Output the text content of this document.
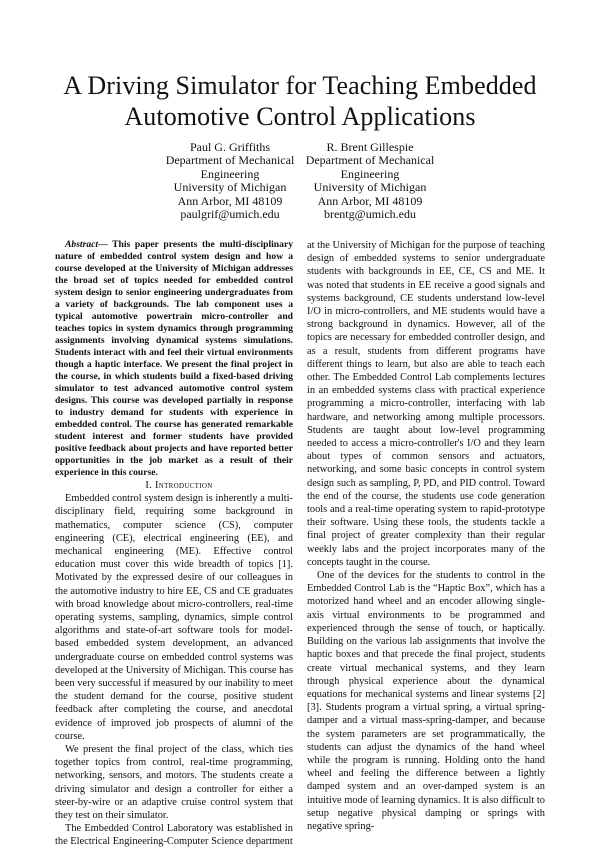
A Driving Simulator for Teaching Embedded
Automotive Control Applications
Paul G. Griffiths
Department of Mechanical
Engineering
University of Michigan
Ann Arbor, MI 48109
paulgrif@umich.edu
R. Brent Gillespie
Department of Mechanical
Engineering
University of Michigan
Ann Arbor, MI 48109
brentg@umich.edu

Abstract— This paper presents the multi-disciplinary nature of embedded control system design and how a course developed at the University of Michigan addresses the broad set of topics needed for embedded control system design to senior engineering undergraduates from a variety of backgrounds. The lab component uses a typical automotive powertrain micro-controller and teaches topics in system dynamics through programming assignments involving dynamical systems simulations. Students interact with and feel their virtual environments though a haptic interface. We present the final project in the course, in which students build a fixed-based driving simulator to test advanced automotive control system designs. This course was developed partially in response to industry demand for students with experience in embedded control. The course has generated remarkable student interest and former students have provided positive feedback about projects and have reported better opportunities in the job market as a result of their experience in this course.

I. Introduction

Embedded control system design is inherently a multi-disciplinary field, requiring some background in mathematics, computer science (CS), computer engineering (CE), electrical engineering (EE), and mechanical engineering (ME). Effective control education must cover this wide breadth of topics [1]. Motivated by the expressed desire of our colleagues in the automotive industry to hire EE, CS and CE graduates with broad knowledge about micro-controllers, real-time operating systems, sampling, dynamics, simple control algorithms and state-of-art software tools for model-based embedded system development, an advanced undergraduate course on embedded control systems was developed at the University of Michigan. This course has been very successful if measured by our inability to meet the student demand for the course, positive student feedback after completing the course, and anecdotal evidence of improved job prospects of alumni of the course.

We present the final project of the class, which ties together topics from control, real-time programming, networking, sensors, and motors. The students create a driving simulator and design a controller for either a steer-by-wire or an adaptive cruise control system that they test on their simulator.

The Embedded Control Laboratory was established in the Electrical Engineering-Computer Science department

at the University of Michigan for the purpose of teaching design of embedded systems to senior undergraduate students with backgrounds in EE, CE, CS and ME. It was noted that students in EE receive a good signals and systems background, CE students understand low-level I/O in micro-controllers, and ME students would have a strong background in dynamics. However, all of the topics are necessary for embedded controller design, and as a result, students from different programs have different things to learn, but also are able to teach each other. The Embedded Control Lab complements lectures in an embedded systems class with practical experience programming a micro-controller, interfacing with lab hardware, and networking among multiple processors. Students are taught about low-level programming needed to access a micro-controller's I/O and they learn about types of common sensors and actuators, networking, and some basic concepts in control system design such as sampling, P, PD, and PID control. Toward the end of the course, the students use code generation tools and a real-time operating system to rapid-prototype their software. Using these tools, the students tackle a final project of greater complexity than their regular weekly labs and the project incorporates many of the concepts taught in the course.

One of the devices for the students to control in the Embedded Control Lab is the “Haptic Box”, which has a motorized hand wheel and an encoder allowing single-axis virtual environments to be programmed and experienced through the sense of touch, or haptically. Building on the various lab assignments that involve the haptic boxes and that precede the final project, students create virtual mechanical systems, and they learn through physical experience about the dynamical equations for mechanical systems and linear systems [2] [3]. Students program a virtual spring, a virtual spring-damper and a virtual mass-spring-damper, and because the system parameters are set programmatically, the students can adjust the dynamics of the hand wheel while the program is running. Holding onto the hand wheel and feeling the difference between a lightly damped system and an over-damped system is an intuitive mode of learning dynamics. It is also difficult to setup negative physical damping or springs with negative spring-
